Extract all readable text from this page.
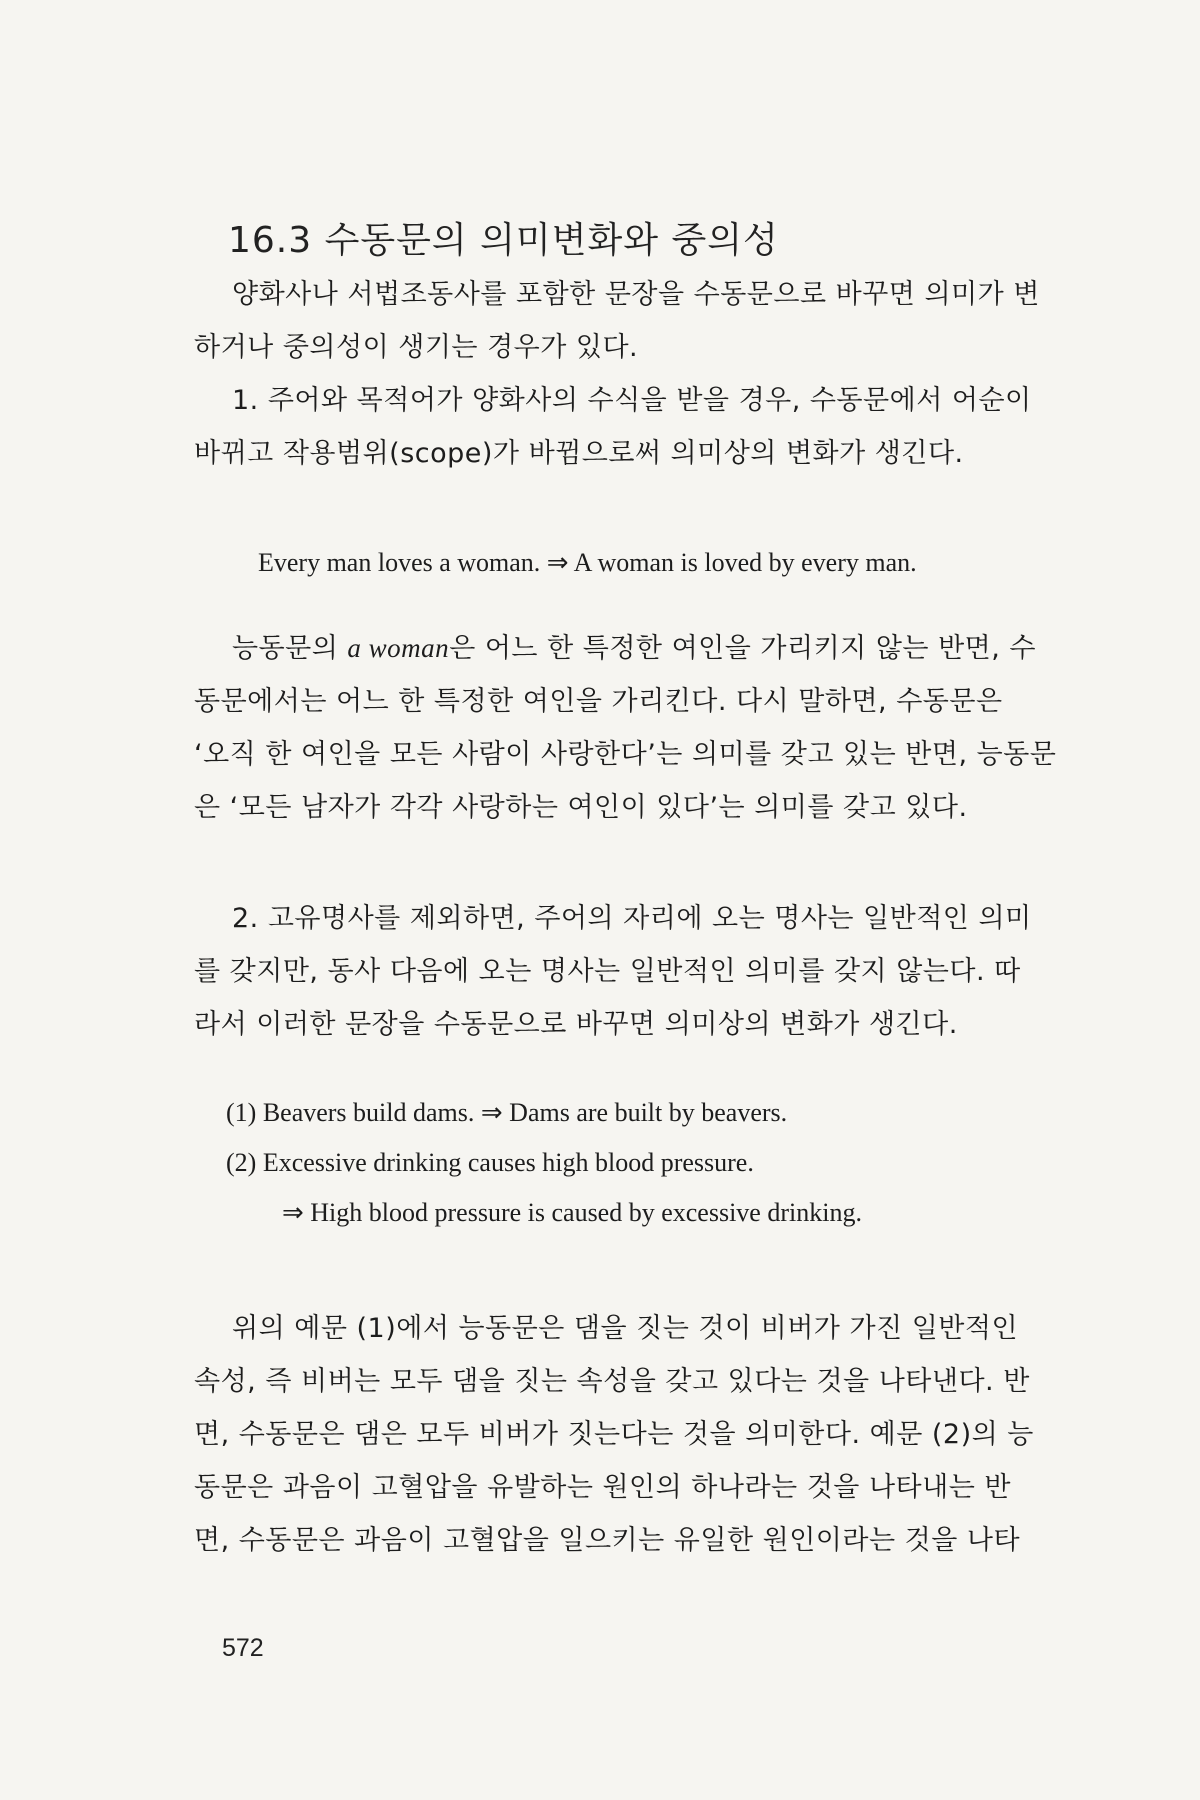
16.3 수동문의 의미변화와 중의성
양화사나 서법조동사를 포함한 문장을 수동문으로 바꾸면 의미가 변
하거나 중의성이 생기는 경우가 있다.
1. 주어와 목적어가 양화사의 수식을 받을 경우, 수동문에서 어순이
바뀌고 작용범위(scope)가 바뀜으로써 의미상의 변화가 생긴다.
Every man loves a woman. ⇒ A woman is loved by every man.
능동문의 a woman은 어느 한 특정한 여인을 가리키지 않는 반면, 수
동문에서는 어느 한 특정한 여인을 가리킨다. 다시 말하면, 수동문은
‘오직 한 여인을 모든 사람이 사랑한다’는 의미를 갖고 있는 반면, 능동문
은 ‘모든 남자가 각각 사랑하는 여인이 있다’는 의미를 갖고 있다.
2. 고유명사를 제외하면, 주어의 자리에 오는 명사는 일반적인 의미
를 갖지만, 동사 다음에 오는 명사는 일반적인 의미를 갖지 않는다. 따
라서 이러한 문장을 수동문으로 바꾸면 의미상의 변화가 생긴다.
(1) Beavers build dams. ⇒ Dams are built by beavers.
(2) Excessive drinking causes high blood pressure.
⇒ High blood pressure is caused by excessive drinking.
위의 예문 (1)에서 능동문은 댐을 짓는 것이 비버가 가진 일반적인
속성, 즉 비버는 모두 댐을 짓는 속성을 갖고 있다는 것을 나타낸다. 반
면, 수동문은 댐은 모두 비버가 짓는다는 것을 의미한다. 예문 (2)의 능
동문은 과음이 고혈압을 유발하는 원인의 하나라는 것을 나타내는 반
면, 수동문은 과음이 고혈압을 일으키는 유일한 원인이라는 것을 나타
572
